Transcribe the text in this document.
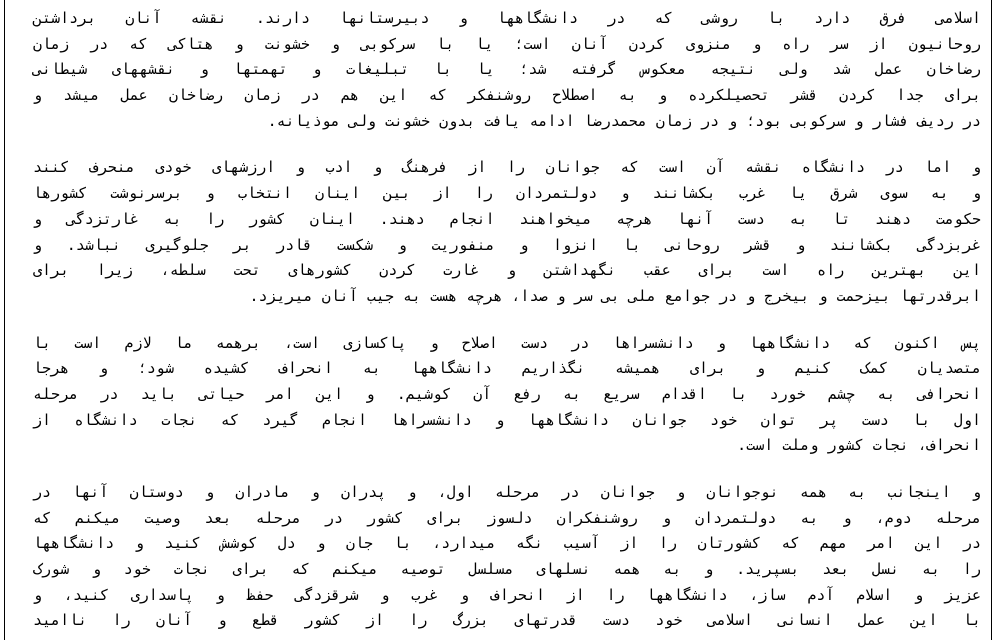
اسلامی فرق دارد با روشی که در دانشگاهها و دبیرستانها دارند. نقشه آنان برداشتن
روحانیون از سر راه و منزوی کردن آنان است؛ یا با سرکوبی و خشونت و هتاکی که در زمان
رضاخان عمل شد ولی نتیجه معکوس گرفته شد؛ یا با تبلیغات و تهمتها و نقشههای شیطانی
برای جدا کردن قشر تحصیلکرده و به اصطلاح روشنفکر که این هم در زمان رضاخان عمل میشد و
در ردیف فشار و سرکوبی بود؛ و در زمان محمدرضا ادامه یافت بدون خشونت ولی موذیانه.
و اما در دانشگاه نقشه آن است که جوانان را از فرهنگ و ادب و ارزشهای خودی منحرف کنند
و به سوی شرق یا غرب بکشانند و دولتمردان را از بین اینان انتخاب و برسرنوشت کشورها
حکومت دهند تا به دست آنها هرچه میخواهند انجام دهند. اینان کشور را به غارتزدگی و
غربزدگی بکشانند و قشر روحانی با انزوا و منفوریت و شکست قادر بر جلوگیری نباشد. و
این بهترین راه است برای عقب نگهداشتن و غارت کردن کشورهای تحت سلطه، زیرا برای
ابرقدرتها بیزحمت و بیخرج و در جوامع ملی بی سر و صدا، هرچه هست به جیب آنان میریزد.
پس اکنون که دانشگاهها و دانشسراها در دست اصلاح و پاکسازی است، برهمه ما لازم است با
متصدیان کمک کنیم و برای همیشه نگذاریم دانشگاهها به انحراف کشیده شود؛ و هرجا
انحرافی به چشم خورد با اقدام سریع به رفع آن کوشیم. و این امر حیاتی باید در مرحله
اول با دست پر توان خود جوانان دانشگاهها و دانشسراها انجام گیرد که نجات دانشگاه از
انحراف، نجات کشور وملت است.
و اینجانب به همه نوجوانان و جوانان در مرحله اول، و پدران و مادران و دوستان آنها در
مرحله دوم، و به دولتمردان و روشنفکران دلسوز برای کشور در مرحله بعد وصیت میکنم که
در این امر مهم که کشورتان را از آسیب نگه میدارد، با جان و دل کوشش کنید و دانشگاهها
را به نسل بعد بسپرید. و به همه نسلهای مسلسل توصیه میکنم که برای نجات خود و شورک
عزیز و اسلام آدم ساز، دانشگاهها را از انحراف و غرب و شرقزدگی حفظ و پاسداری کنید، و
با این عمل انسانی اسلامی خود دست قدرتهای بزرگ را از کشور قطع و آنان را ناامید
